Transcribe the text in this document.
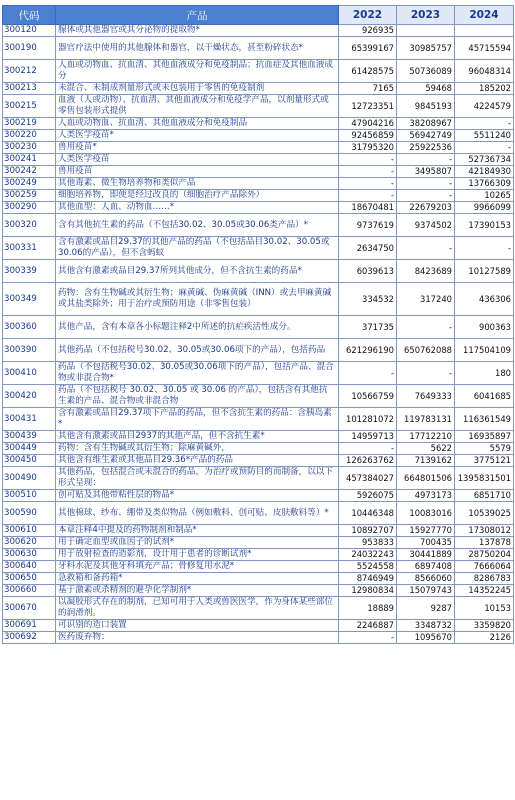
代码	产品	2022	2023	2024
300120	腺体或其他器官或其分泌物的提取物*	926935		
300190	器官疗法中使用的其他腺体和器官，以干燥状态，甚至粉碎状态*	65399167	30985757	45715594
300212	人血或动物血、抗血清、其他血液成分和免疫制品；抗血症及其他血液成分	61428575	50736089	96048314
300213	未混合、未制成剂量形式或未包装用于零售的免疫制剂	7165	59468	185202
300215	血液（人或动物）、抗血清、其他血液成分和免疫学产品，以剂量形式或零售包装形式提供	12723351	9845193	4224579
300219	人血或动物血、抗血清、其他血液成分和免疫制品	47904216	38208967	-
300220	人类医学疫苗*	92456859	56942749	5511240
300230	兽用疫苗*	31795320	25922536	-
300241	人类医学疫苗	-	-	52736734
300242	兽用疫苗	-	3495807	42184930
300249	其他毒素、微生物培养物和类似产品	-	-	13766309
300259	细胞培养物，即使是经过改良的（细胞治疗产品除外）	-	-	10265
300290	其他血型：人血、动物血……*	18670481	22679203	9966099
300320	含有其他抗生素的药品（不包括30.02、30.05或30.06类产品）*	9737619	9374502	17390153
300331	含有激素或品目29.37的其他产品的药品（不包括品目30.02、30.05或30.06的产品），但不含蚂蚁	2634750	-	-
300339	其他含有激素或品目29.37所列其他成分，但不含抗生素的药品*	6039613	8423689	10127589
300349	药物：含有生物碱或其衍生物；麻黄碱、伪麻黄碱（INN）或去甲麻黄碱或其盐类除外；用于治疗或预防用途（非零售包装）	334532	317240	436306
300360	其他产品，含有本章各小标题注释2中所述的抗疟疾活性成分。	371735	-	900363
300390	其他药品（不包括税号30.02、30.05或30.06项下的产品），包括药品	621296190	650762088	117504109
300410	药品（不包括税号30.02、30.05或30.06项下的产品），包括产品、混合物或非混合物*	-	-	180
300420	药品（不包括税号 30.02、30.05 或 30.06 的产品），包括含有其他抗生素的产品、混合物或非混合物	10566759	7649333	6041685
300431	含有激素或品目29.37项下产品的药品，但不含抗生素的药品：含胰岛素*	101281072	119783131	116361549
300439	其他含有激素或品目2937的其他产品，但不含抗生素*	14959713	17712210	16935897
300449	药物：含有生物碱或其衍生物；除麻黄碱外，	-	5622	5579
300450	其他含有维生素或其他品目29.36*产品的药品	126263762	7139162	3775121
300490	其他药品，包括混合或未混合的药品，为治疗或预防目的而制备，以以下形式呈现：	457384027	664801506	1395831501
300510	创可贴及其他带粘性层的物品*	5926075	4973173	6851710
300590	其他棉球、纱布、绷带及类似物品（例如敷料、创可贴、皮肤敷料等）*	10446348	10083016	10539025
300610	本章注释4中提及的药物制剂和制品*	10892707	15927770	17308012
300620	用于确定血型或血因子的试剂*	953833	700435	137878
300630	用于放射检查的造影剂，设计用于患者的诊断试剂*	24032243	30441889	28750204
300640	牙科水泥及其他牙科填充产品；骨修复用水泥*	5524558	6897408	7666064
300650	急救箱和备药箱*	8746949	8566060	8286783
300660	基于激素或杀精剂的避孕化学制剂*	12980834	15079743	14352245
300670	以凝胶形式存在的制剂，已知可用于人类或兽医医学，作为身体某些部位的润滑剂。	18889	9287	10153
300691	可识别的造口装置	2246887	3348732	3359820
300692	医药废弃物：	-	1095670	2126
